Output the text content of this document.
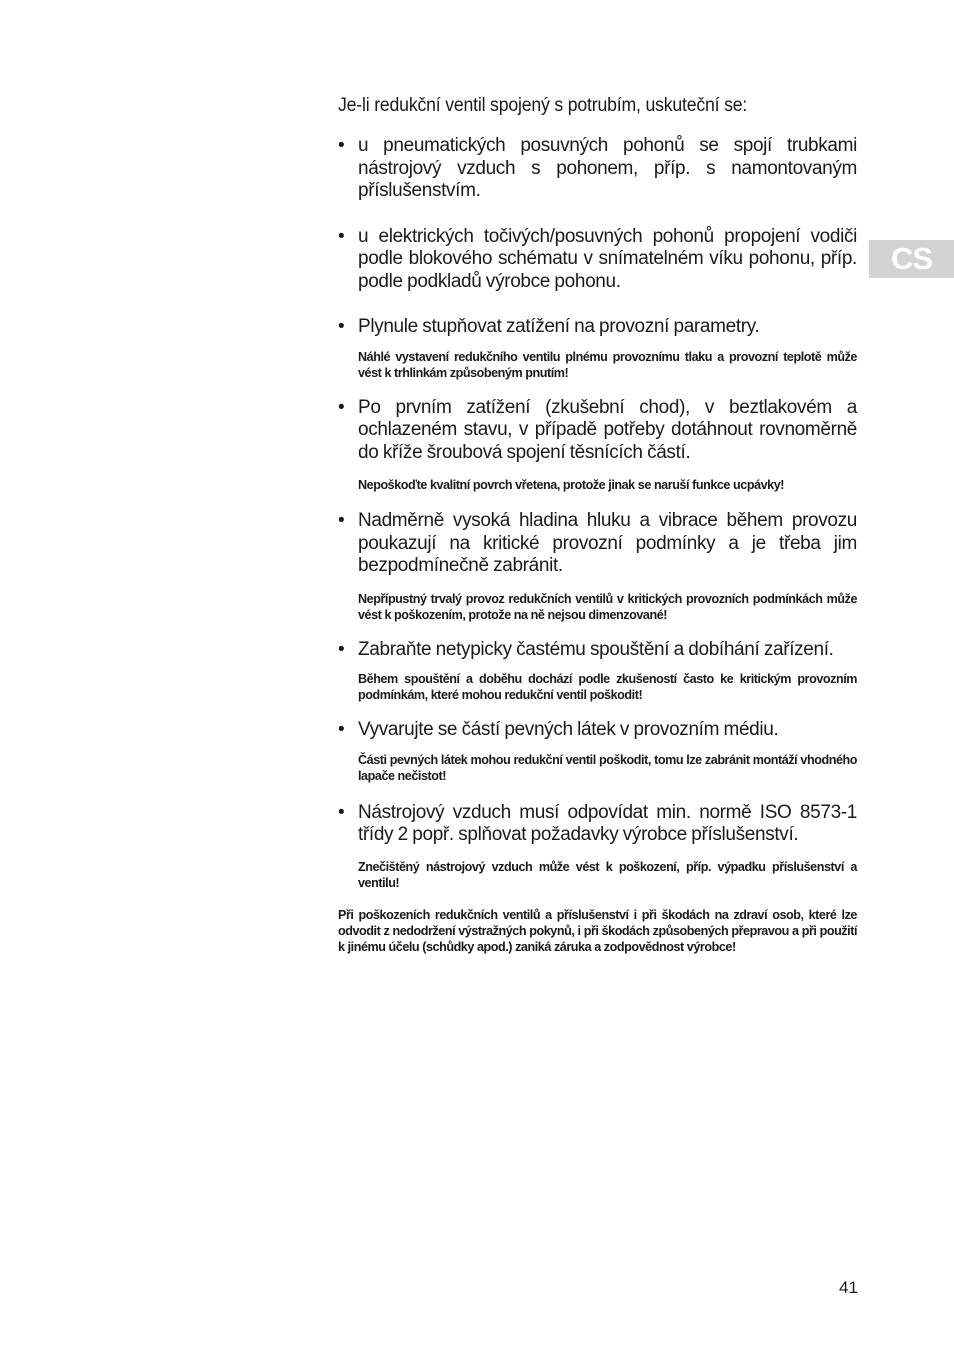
CS

Je-li redukční ventil spojený s potrubím, uskuteční se:

• u pneumatických posuvných pohonů se spojí trubkami nástrojový vzduch s pohonem, příp. s namontovaným příslušenstvím.

• u elektrických točivých/posuvných pohonů propojení vodiči podle blokového schématu v snímatelném víku pohonu, příp. podle podkladů výrobce pohonu.

• Plynule stupňovat zatížení na provozní parametry.

Náhlé vystavení redukčního ventilu plnému provoznímu tlaku a provozní teplotě může vést k trhlinkám způsobeným pnutím!

• Po prvním zatížení (zkušební chod), v beztlakovém a ochlazeném stavu, v případě potřeby dotáhnout rovnoměrně do kříže šroubová spojení těsnících částí.

Nepoškoďte kvalitní povrch vřetena, protože jinak se naruší funkce ucpávky!

• Nadměrně vysoká hladina hluku a vibrace během provozu poukazují na kritické provozní podmínky a je třeba jim bezpodmínečně zabránit.

Nepřípustný trvalý provoz redukčních ventilů v kritických provozních podmínkách může vést k poškozením, protože na ně nejsou dimenzované!

• Zabraňte netypicky častému spouštění a dobíhání zařízení.

Během spouštění a doběhu dochází podle zkušeností často ke kritickým provozním podmínkám, které mohou redukční ventil poškodit!

• Vyvarujte se částí pevných látek v provozním médiu.

Části pevných látek mohou redukční ventil poškodit, tomu lze zabránit montáží vhodného lapače nečistot!

• Nástrojový vzduch musí odpovídat min. normě ISO 8573-1 třídy 2 popř. splňovat požadavky výrobce příslušenství.

Znečištěný nástrojový vzduch může vést k poškození, příp. výpadku příslušenství a ventilu!

Při poškozeních redukčních ventilů a příslušenství i při škodách na zdraví osob, které lze odvodit z nedodržení výstražných pokynů, i při škodách způsobených přepravou a při použití k jinému účelu (schůdky apod.) zaniká záruka a zodpovědnost výrobce!

41
